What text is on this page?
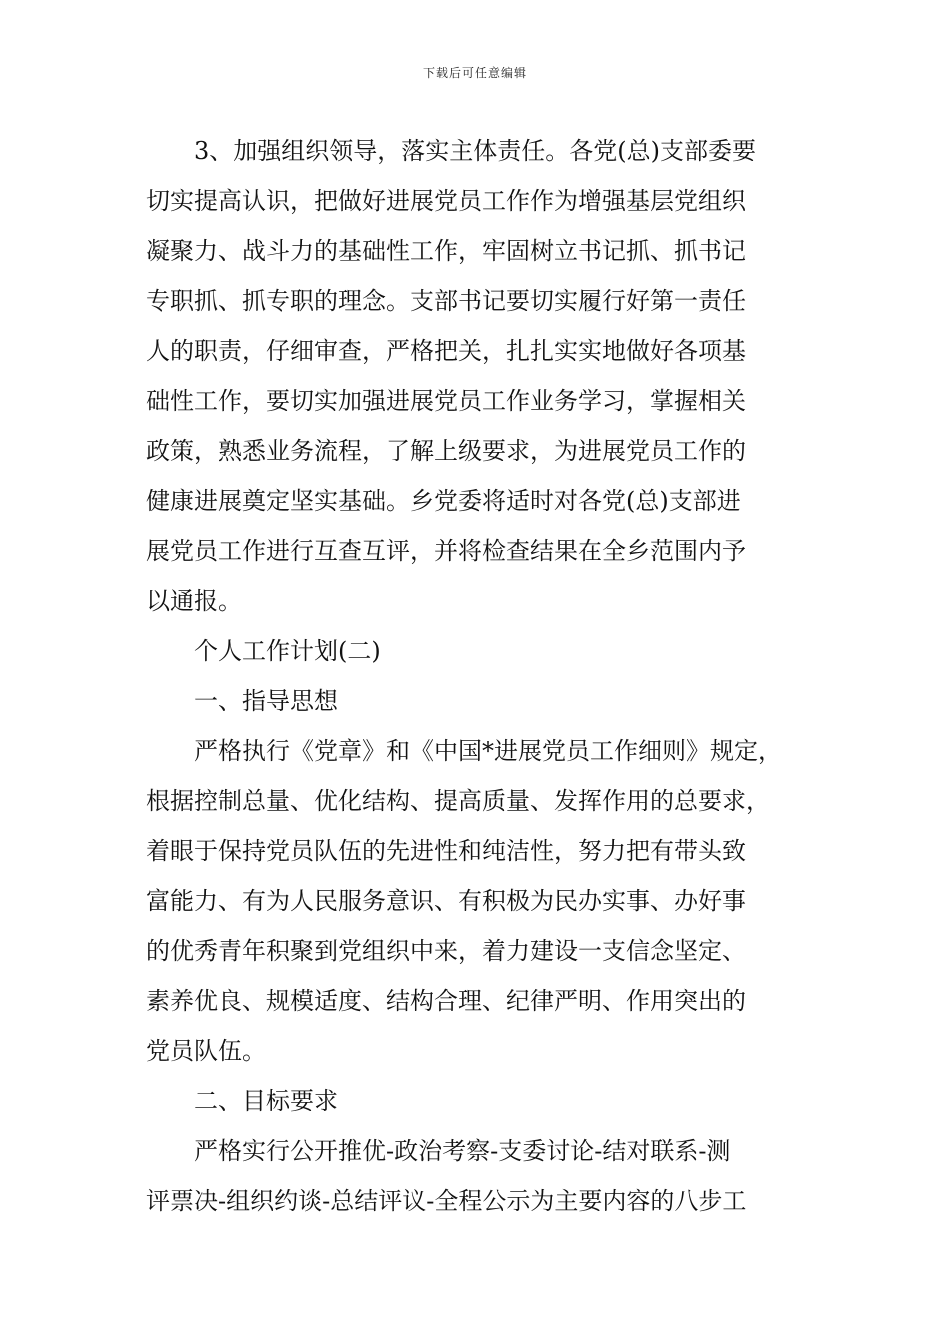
下载后可任意编辑
3、加强组织领导，落实主体责任。各党(总)支部委要
切实提高认识，把做好进展党员工作作为增强基层党组织
凝聚力、战斗力的基础性工作，牢固树立书记抓、抓书记
专职抓、抓专职的理念。支部书记要切实履行好第一责任
人的职责，仔细审查，严格把关，扎扎实实地做好各项基
础性工作，要切实加强进展党员工作业务学习，掌握相关
政策，熟悉业务流程，了解上级要求，为进展党员工作的
健康进展奠定坚实基础。乡党委将适时对各党(总)支部进
展党员工作进行互查互评，并将检查结果在全乡范围内予
以通报。
个人工作计划(二)
一、指导思想
严格执行《党章》和《中国*进展党员工作细则》规定，
根据控制总量、优化结构、提高质量、发挥作用的总要求，
着眼于保持党员队伍的先进性和纯洁性，努力把有带头致
富能力、有为人民服务意识、有积极为民办实事、办好事
的优秀青年积聚到党组织中来，着力建设一支信念坚定、
素养优良、规模适度、结构合理、纪律严明、作用突出的
党员队伍。
二、目标要求
严格实行公开推优-政治考察-支委讨论-结对联系-测
评票决-组织约谈-总结评议-全程公示为主要内容的八步工
